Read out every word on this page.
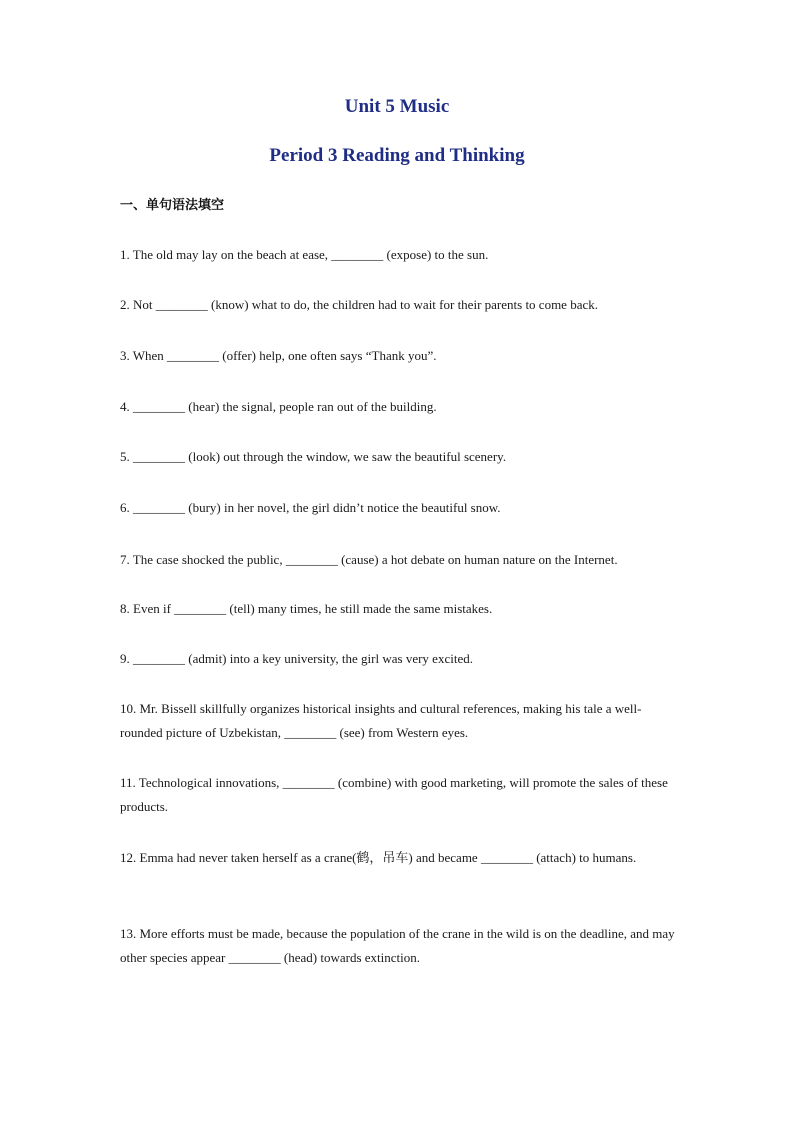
Unit 5 Music
Period 3 Reading and Thinking

一、单句语法填空

1. The old may lay on the beach at ease, ________ (expose) to the sun.

2. Not ________ (know) what to do, the children had to wait for their parents to come back.

3. When ________ (offer) help, one often says “Thank you”.

4. ________ (hear) the signal, people ran out of the building.

5. ________ (look) out through the window, we saw the beautiful scenery.

6. ________ (bury) in her novel, the girl didn’t notice the beautiful snow.

7. The case shocked the public, ________ (cause) a hot debate on human nature on the Internet.

8. Even if ________ (tell) many times, he still made the same mistakes.

9. ________ (admit) into a key university, the girl was very excited.

10. Mr. Bissell skillfully organizes historical insights and cultural references, making his tale a well-rounded picture of Uzbekistan, ________ (see) from Western eyes.

11. Technological innovations, ________ (combine) with good marketing, will promote the sales of these products.

12. Emma had never taken herself as a crane(鹤，吊车) and became ________ (attach) to humans.

13. More efforts must be made, because the population of the crane in the wild is on the deadline, and may other species appear ________ (head) towards extinction.
